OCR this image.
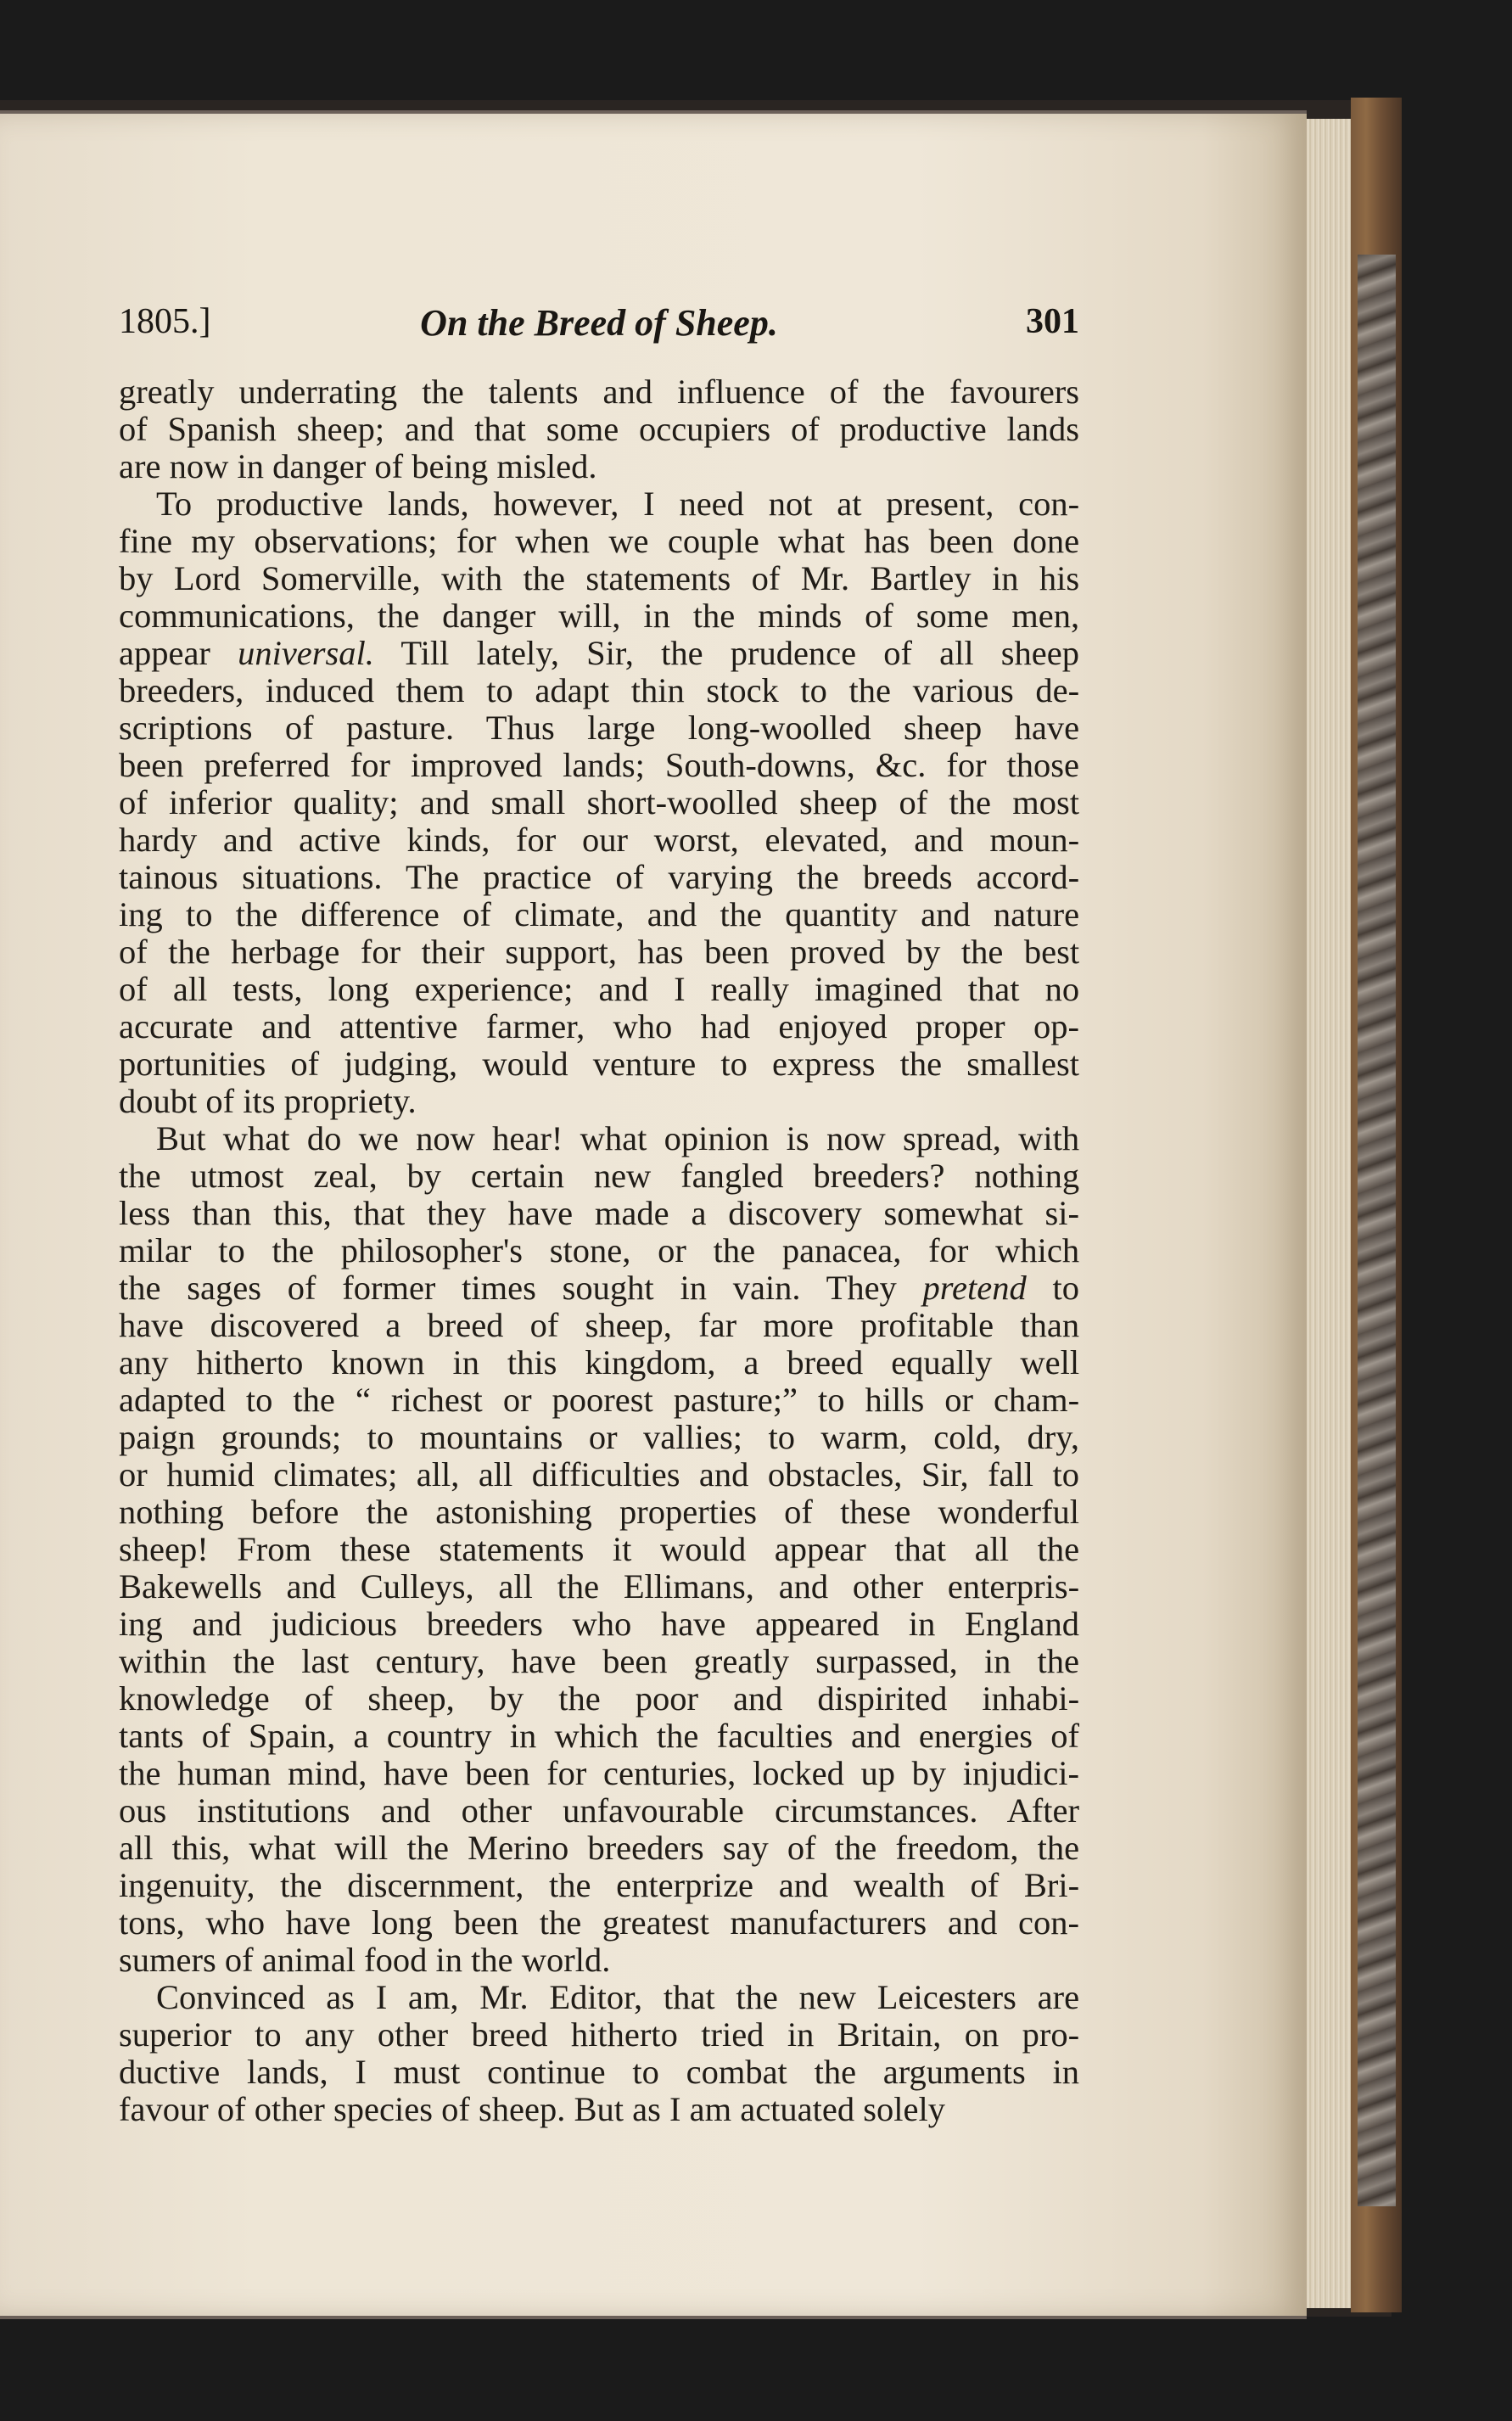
1805.]	On the Breed of Sheep.	301
greatly underrating the talents and influence of the favourers
of Spanish sheep; and that some occupiers of productive lands
are now in danger of being misled.
To productive lands, however, I need not at present, con-
fine my observations; for when we couple what has been done
by Lord Somerville, with the statements of Mr. Bartley in his
communications, the danger will, in the minds of some men,
appear universal. Till lately, Sir, the prudence of all sheep
breeders, induced them to adapt thin stock to the various de-
scriptions of pasture. Thus large long-woolled sheep have
been preferred for improved lands; South-downs, &c. for those
of inferior quality; and small short-woolled sheep of the most
hardy and active kinds, for our worst, elevated, and moun-
tainous situations. The practice of varying the breeds accord-
ing to the difference of climate, and the quantity and nature
of the herbage for their support, has been proved by the best
of all tests, long experience; and I really imagined that no
accurate and attentive farmer, who had enjoyed proper op-
portunities of judging, would venture to express the smallest
doubt of its propriety.
But what do we now hear! what opinion is now spread, with
the utmost zeal, by certain new fangled breeders? nothing
less than this, that they have made a discovery somewhat si-
milar to the philosopher's stone, or the panacea, for which
the sages of former times sought in vain. They pretend to
have discovered a breed of sheep, far more profitable than
any hitherto known in this kingdom, a breed equally well
adapted to the “ richest or poorest pasture;” to hills or cham-
paign grounds; to mountains or vallies; to warm, cold, dry,
or humid climates; all, all difficulties and obstacles, Sir, fall to
nothing before the astonishing properties of these wonderful
sheep! From these statements it would appear that all the
Bakewells and Culleys, all the Ellimans, and other enterpris-
ing and judicious breeders who have appeared in England
within the last century, have been greatly surpassed, in the
knowledge of sheep, by the poor and dispirited inhabi-
tants of Spain, a country in which the faculties and energies of
the human mind, have been for centuries, locked up by injudici-
ous institutions and other unfavourable circumstances. After
all this, what will the Merino breeders say of the freedom, the
ingenuity, the discernment, the enterprize and wealth of Bri-
tons, who have long been the greatest manufacturers and con-
sumers of animal food in the world.
Convinced as I am, Mr. Editor, that the new Leicesters are
superior to any other breed hitherto tried in Britain, on pro-
ductive lands, I must continue to combat the arguments in
favour of other species of sheep. But as I am actuated solely
